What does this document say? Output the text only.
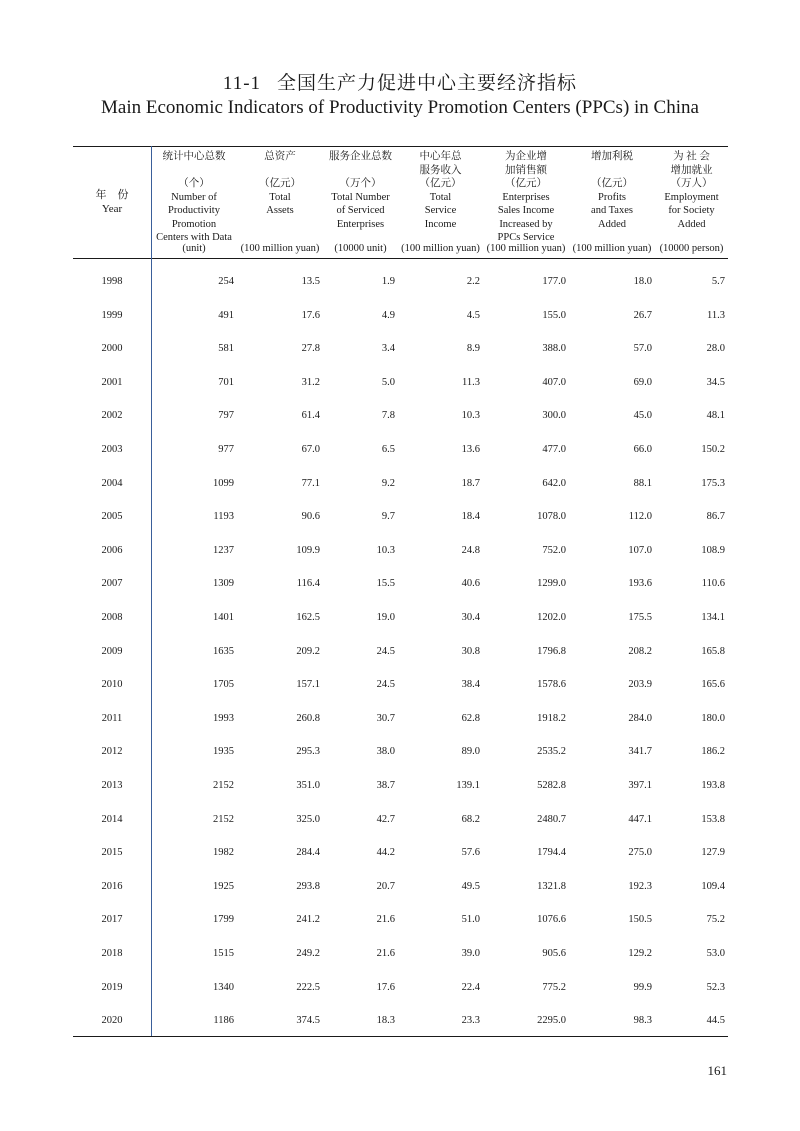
11-1 全国生产力促进中心主要经济指标
Main Economic Indicators of Productivity Promotion Centers (PPCs) in China
年　份
Year
统计中心总数
（个）
Number of
Productivity
Promotion
Centers with Data
(unit)
总资产
（亿元）
Total
Assets
(100 million yuan)
服务企业总数
（万个）
Total Number
of Serviced
Enterprises
(10000 unit)
中心年总
服务收入
（亿元）
Total
Service
Income
(100 million yuan)
为企业增
加销售额
（亿元）
Enterprises
Sales Income
Increased by
PPCs Service
(100 million yuan)
增加利税
（亿元）
Profits
and Taxes
Added
(100 million yuan)
为 社 会
增加就业
（万人）
Employment
for Society
Added
(10000 person)
1998	254	13.5	1.9	2.2	177.0	18.0	5.7
1999	491	17.6	4.9	4.5	155.0	26.7	11.3
2000	581	27.8	3.4	8.9	388.0	57.0	28.0
2001	701	31.2	5.0	11.3	407.0	69.0	34.5
2002	797	61.4	7.8	10.3	300.0	45.0	48.1
2003	977	67.0	6.5	13.6	477.0	66.0	150.2
2004	1099	77.1	9.2	18.7	642.0	88.1	175.3
2005	1193	90.6	9.7	18.4	1078.0	112.0	86.7
2006	1237	109.9	10.3	24.8	752.0	107.0	108.9
2007	1309	116.4	15.5	40.6	1299.0	193.6	110.6
2008	1401	162.5	19.0	30.4	1202.0	175.5	134.1
2009	1635	209.2	24.5	30.8	1796.8	208.2	165.8
2010	1705	157.1	24.5	38.4	1578.6	203.9	165.6
2011	1993	260.8	30.7	62.8	1918.2	284.0	180.0
2012	1935	295.3	38.0	89.0	2535.2	341.7	186.2
2013	2152	351.0	38.7	139.1	5282.8	397.1	193.8
2014	2152	325.0	42.7	68.2	2480.7	447.1	153.8
2015	1982	284.4	44.2	57.6	1794.4	275.0	127.9
2016	1925	293.8	20.7	49.5	1321.8	192.3	109.4
2017	1799	241.2	21.6	51.0	1076.6	150.5	75.2
2018	1515	249.2	21.6	39.0	905.6	129.2	53.0
2019	1340	222.5	17.6	22.4	775.2	99.9	52.3
2020	1186	374.5	18.3	23.3	2295.0	98.3	44.5
161
